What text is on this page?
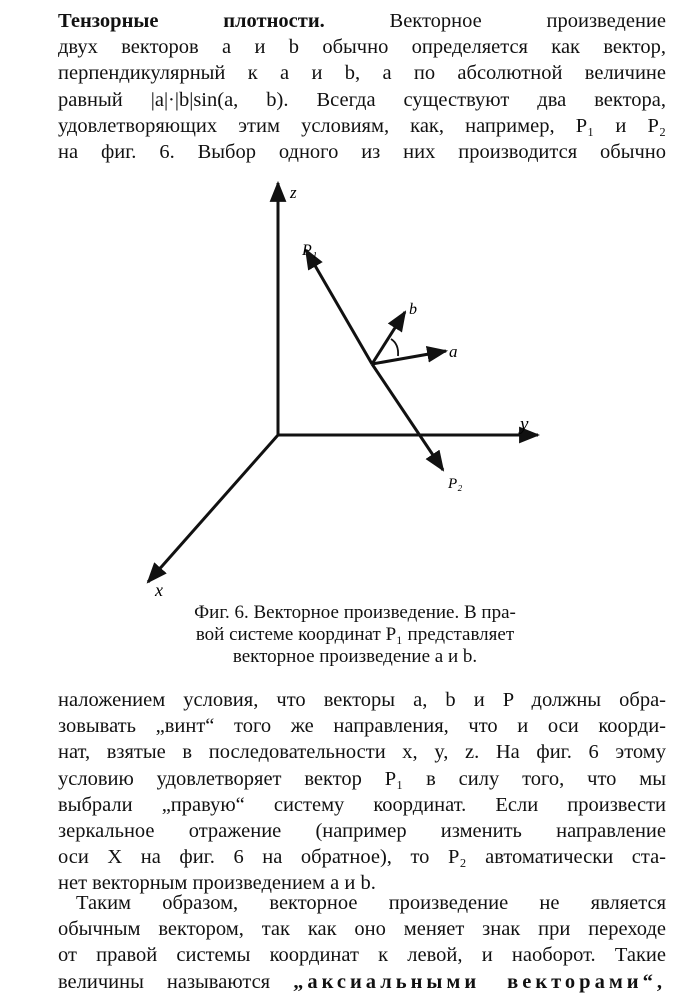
Тензорные плотности.	Векторное произведение
двух векторов а и b обычно определяется как вектор,
перпендикулярный к а и b, а по абсолютной величине
равный |a|·|b|sin(a, b). Всегда существуют два вектора,
удовлетворяющих этим условиям, как, например, P₁ и P₂
на фиг. 6. Выбор одного из них производится обычно
z
y
x
P₁
P₂
a
b
Фиг. 6. Векторное произведение. В пра-
вой системе координат P₁ представляет
векторное произведение a и b.
наложением условия, что векторы a, b и P должны обра-
зовывать „винт“ того же направления, что и оси коорди-
нат, взятые в последовательности x, y, z. На фиг. 6 этому
условию удовлетворяет вектор P₁ в силу того, что мы
выбрали „правую“ систему координат. Если произвести
зеркальное отражение (например изменить направление
оси X на фиг. 6 на обратное), то P₂ автоматически ста-
нет векторным произведением a и b.
Таким образом, векторное произведение не является
обычным вектором, так как оно меняет знак при переходе
от правой системы координат к левой, и наоборот. Такие
величины называются „аксиальными векторами“,
